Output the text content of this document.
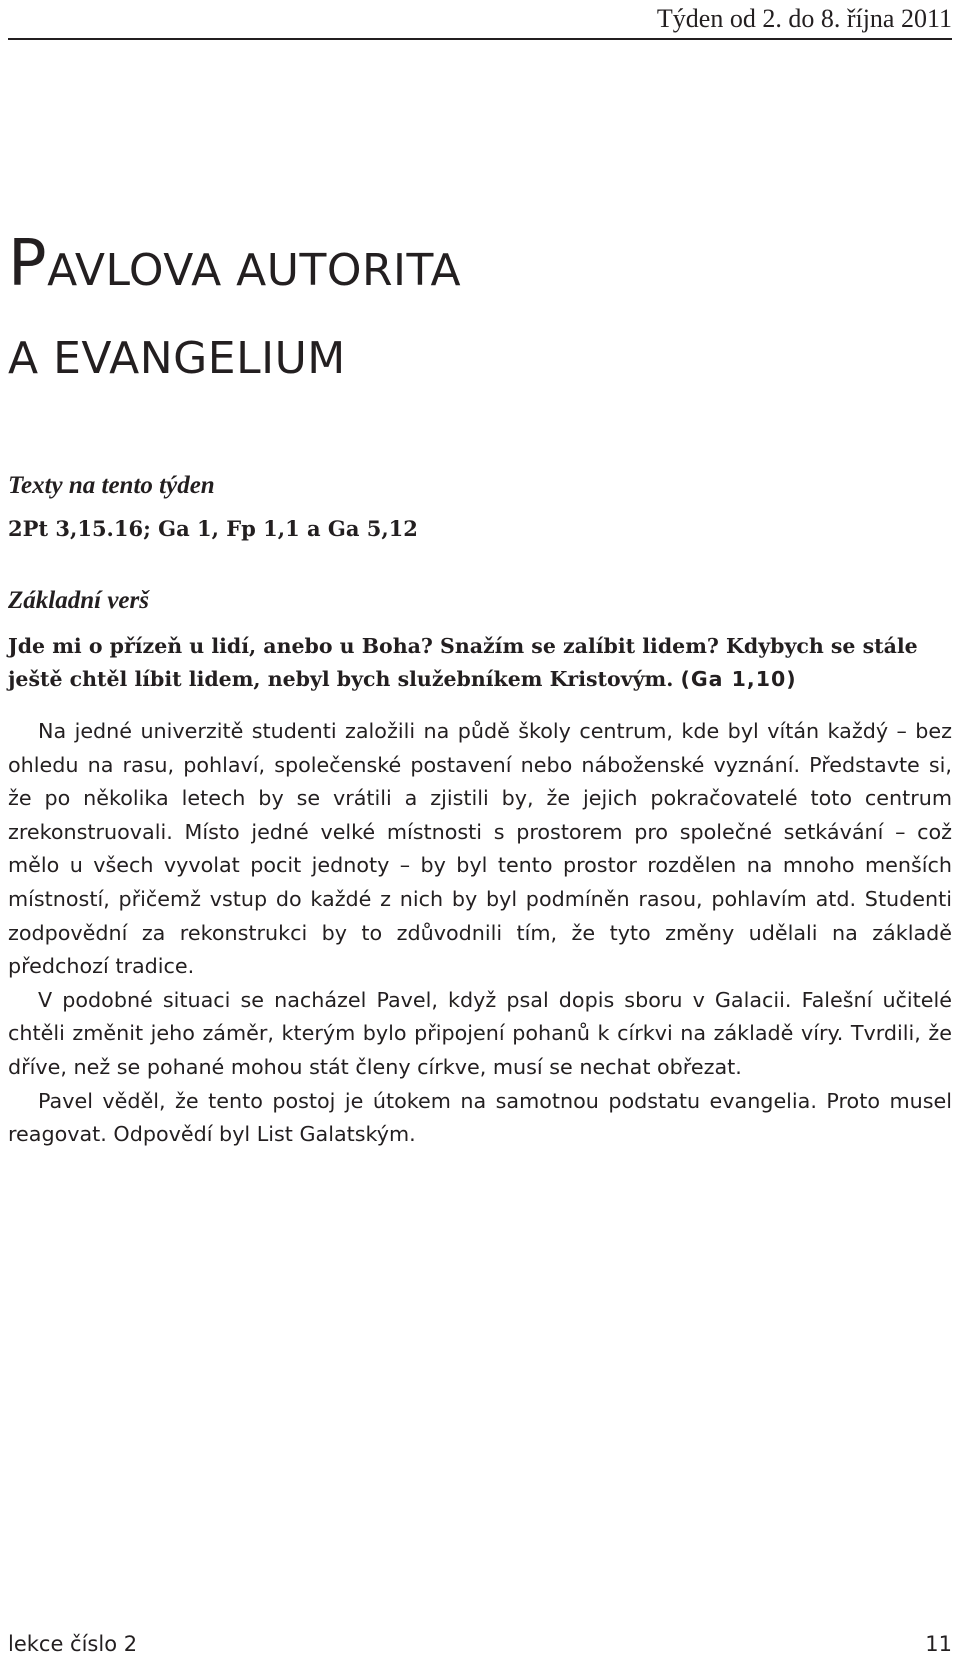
Týden od 2. do 8. října 2011
PAVLOVA AUTORITA
A EVANGELIUM
Texty na tento týden
2Pt 3,15.16; Ga 1, Fp 1,1 a Ga 5,12
Základní verš

Jde mi o přízeň u lidí, anebo u Boha? Snažím se zalíbit lidem? Kdybych se stále ještě chtěl líbit lidem, nebyl bych služebníkem Kristovým. (Ga 1,10)

Na jedné univerzitě studenti založili na půdě školy centrum, kde byl vítán každý – bez ohledu na rasu, pohlaví, společenské postavení nebo náboženské vyznání. Představte si, že po několika letech by se vrátili a zjistili by, že jejich pokračovatelé toto centrum zrekonstruovali. Místo jedné velké místnosti s prostorem pro společné setkávání – což mělo u všech vyvolat pocit jednoty – by byl tento prostor rozdělen na mnoho menších místností, přičemž vstup do každé z nich by byl podmíněn rasou, pohlavím atd. Studenti zodpovědní za rekonstrukci by to zdůvodnili tím, že tyto změny udělali na základě předchozí tradice.

V podobné situaci se nacházel Pavel, když psal dopis sboru v Galacii. Falešní učitelé chtěli změnit jeho záměr, kterým bylo připojení pohanů k církvi na základě víry. Tvrdili, že dříve, než se pohané mohou stát členy církve, musí se nechat obřezat.

Pavel věděl, že tento postoj je útokem na samotnou podstatu evangelia. Proto musel reagovat. Odpovědí byl List Galatským.

lekce číslo 2	11
